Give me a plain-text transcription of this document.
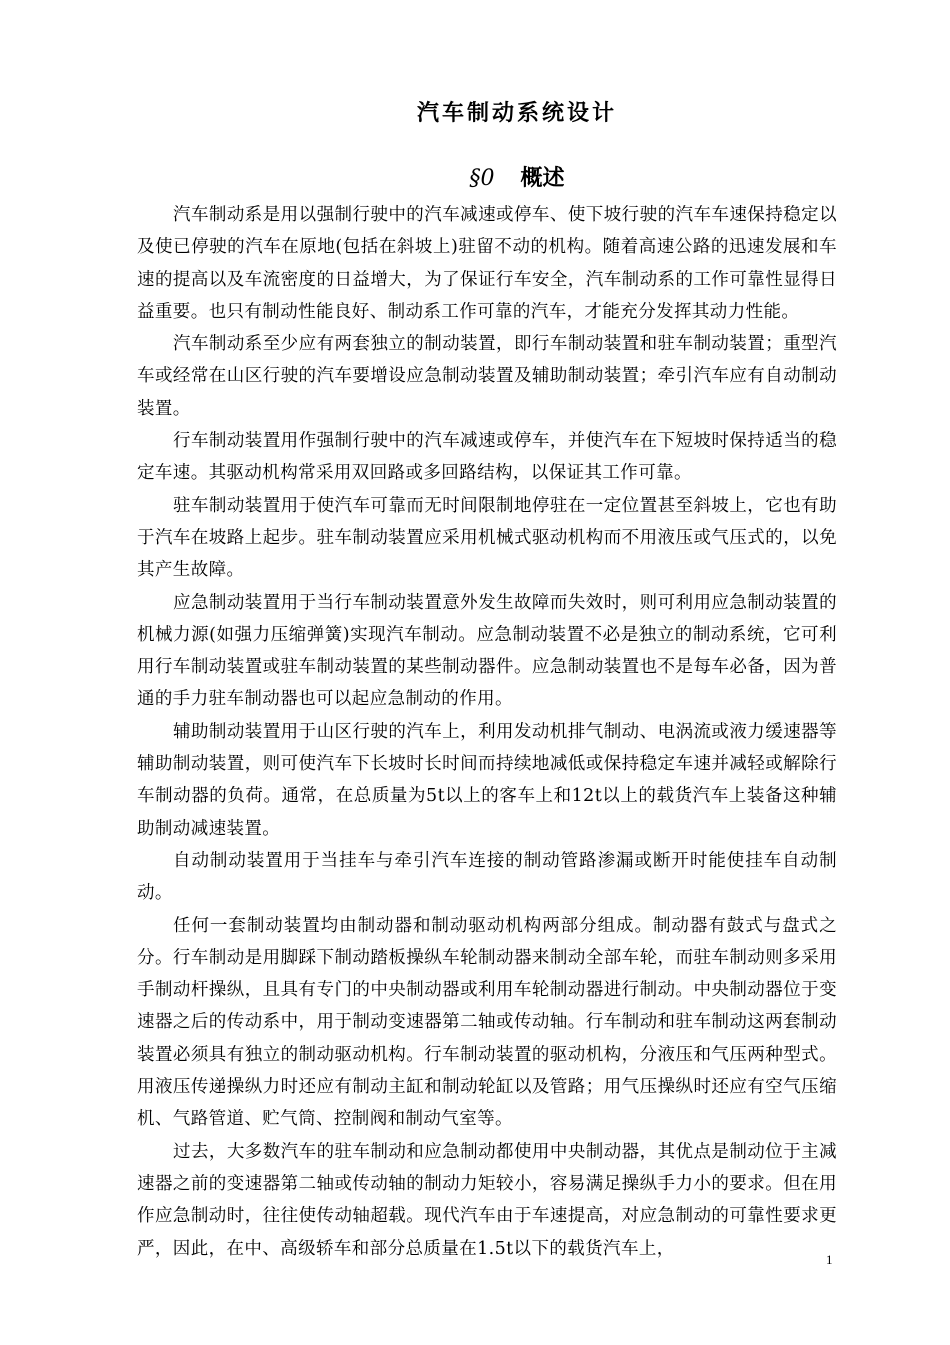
汽车制动系统设计
§0 概述

汽车制动系是用以强制行驶中的汽车减速或停车、使下坡行驶的汽车车速保持稳定以及使已停驶的汽车在原地(包括在斜坡上)驻留不动的机构。随着高速公路的迅速发展和车速的提高以及车流密度的日益增大，为了保证行车安全，汽车制动系的工作可靠性显得日益重要。也只有制动性能良好、制动系工作可靠的汽车，才能充分发挥其动力性能。

汽车制动系至少应有两套独立的制动装置，即行车制动装置和驻车制动装置；重型汽车或经常在山区行驶的汽车要增设应急制动装置及辅助制动装置；牵引汽车应有自动制动装置。

行车制动装置用作强制行驶中的汽车减速或停车，并使汽车在下短坡时保持适当的稳定车速。其驱动机构常采用双回路或多回路结构，以保证其工作可靠。

驻车制动装置用于使汽车可靠而无时间限制地停驻在一定位置甚至斜坡上，它也有助于汽车在坡路上起步。驻车制动装置应采用机械式驱动机构而不用液压或气压式的，以免其产生故障。

应急制动装置用于当行车制动装置意外发生故障而失效时，则可利用应急制动装置的机械力源(如强力压缩弹簧)实现汽车制动。应急制动装置不必是独立的制动系统，它可利用行车制动装置或驻车制动装置的某些制动器件。应急制动装置也不是每车必备，因为普通的手力驻车制动器也可以起应急制动的作用。

辅助制动装置用于山区行驶的汽车上，利用发动机排气制动、电涡流或液力缓速器等辅助制动装置，则可使汽车下长坡时长时间而持续地减低或保持稳定车速并减轻或解除行车制动器的负荷。通常，在总质量为5t以上的客车上和12t以上的载货汽车上装备这种辅助制动减速装置。

自动制动装置用于当挂车与牵引汽车连接的制动管路渗漏或断开时能使挂车自动制动。

任何一套制动装置均由制动器和制动驱动机构两部分组成。制动器有鼓式与盘式之分。行车制动是用脚踩下制动踏板操纵车轮制动器来制动全部车轮，而驻车制动则多采用手制动杆操纵，且具有专门的中央制动器或利用车轮制动器进行制动。中央制动器位于变速器之后的传动系中，用于制动变速器第二轴或传动轴。行车制动和驻车制动这两套制动装置必须具有独立的制动驱动机构。行车制动装置的驱动机构，分液压和气压两种型式。用液压传递操纵力时还应有制动主缸和制动轮缸以及管路；用气压操纵时还应有空气压缩机、气路管道、贮气筒、控制阀和制动气室等。

过去，大多数汽车的驻车制动和应急制动都使用中央制动器，其优点是制动位于主减速器之前的变速器第二轴或传动轴的制动力矩较小，容易满足操纵手力小的要求。但在用作应急制动时，往往使传动轴超载。现代汽车由于车速提高，对应急制动的可靠性要求更严，因此，在中、高级轿车和部分总质量在1.5t以下的载货汽车上，

1
